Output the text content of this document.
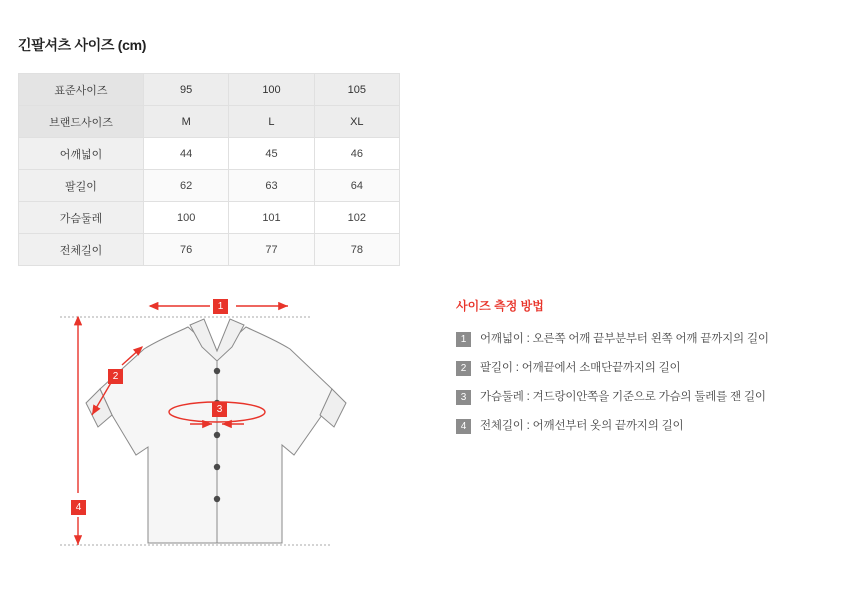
긴팔셔츠 사이즈 (cm)
표준사이즈	95	100	105
브랜드사이즈	M	L	XL
어깨넓이	44	45	46
팔길이	62	63	64
가슴둘레	100	101	102
전체길이	76	77	78
1
2
3
4
사이즈 측정 방법
1	어깨넓이 : 오른쪽 어깨 끝부분부터 왼쪽 어깨 끝까지의 길이
2	팔길이 : 어깨끝에서 소매단끝까지의 길이
3	가슴둘레 : 겨드랑이안쪽을 기준으로 가슴의 둘레를 잰 길이
4	전체길이 : 어깨선부터 옷의 끝까지의 길이
